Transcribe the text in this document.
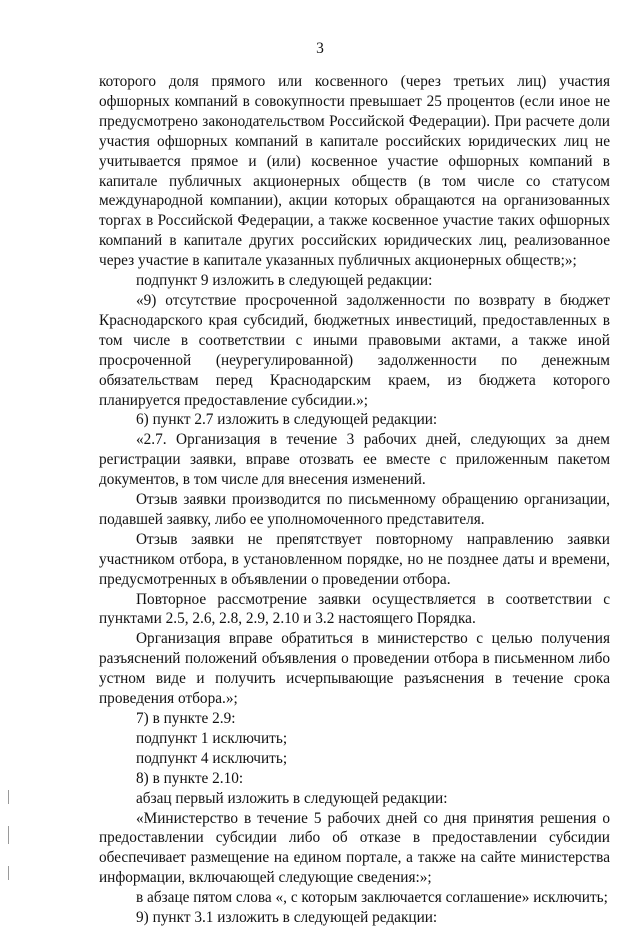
3

которого доля прямого или косвенного (через третьих лиц) участия офшорных компаний в совокупности превышает 25 процентов (если иное не предусмотрено законодательством Российской Федерации). При расчете доли участия офшорных компаний в капитале российских юридических лиц не учитывается прямое и (или) косвенное участие офшорных компаний в капитале публичных акционерных обществ (в том числе со статусом международной компании), акции которых обращаются на организованных торгах в Российской Федерации, а также косвенное участие таких офшорных компаний в капитале других российских юридических лиц, реализованное через участие в капитале указанных публичных акционерных обществ;»;

подпункт 9 изложить в следующей редакции:

«9) отсутствие просроченной задолженности по возврату в бюджет Краснодарского края субсидий, бюджетных инвестиций, предоставленных в том числе в соответствии с иными правовыми актами, а также иной просроченной (неурегулированной) задолженности по денежным обязательствам перед Краснодарским краем, из бюджета которого планируется предоставление субсидии.»;

6) пункт 2.7 изложить в следующей редакции:

«2.7. Организация в течение 3 рабочих дней, следующих за днем регистрации заявки, вправе отозвать ее вместе с приложенным пакетом документов, в том числе для внесения изменений.

Отзыв заявки производится по письменному обращению организации, подавшей заявку, либо ее уполномоченного представителя.

Отзыв заявки не препятствует повторному направлению заявки участником отбора, в установленном порядке, но не позднее даты и времени, предусмотренных в объявлении о проведении отбора.

Повторное рассмотрение заявки осуществляется в соответствии с пунктами 2.5, 2.6, 2.8, 2.9, 2.10 и 3.2 настоящего Порядка.

Организация вправе обратиться в министерство с целью получения разъяснений положений объявления о проведении отбора в письменном либо устном виде и получить исчерпывающие разъяснения в течение срока проведения отбора.»;

7) в пункте 2.9:

подпункт 1 исключить;

подпункт 4 исключить;

8) в пункте 2.10:

абзац первый изложить в следующей редакции:

«Министерство в течение 5 рабочих дней со дня принятия решения о предоставлении субсидии либо об отказе в предоставлении субсидии обеспечивает размещение на едином портале, а также на сайте министерства информации, включающей следующие сведения:»;

в абзаце пятом слова «, с которым заключается соглашение» исключить;

9) пункт 3.1 изложить в следующей редакции:
